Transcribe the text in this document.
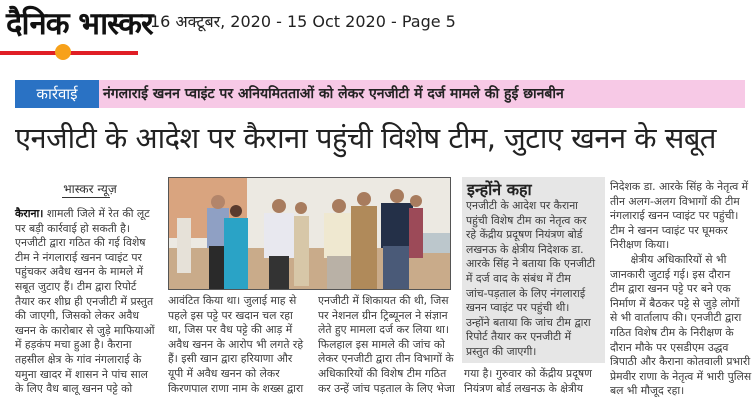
दैनिक भास्कर
16 अक्टूबर, 2020 - 15 Oct 2020 - Page 5
कार्रवाई	नंगलाराई खनन प्वाइंट पर अनियमितताओं को लेकर एनजीटी में दर्ज मामले की हुई छानबीन
एनजीटी के आदेश पर कैराना पहुंची विशेष टीम, जुटाए खनन के सबूत
भास्कर न्यूज़
कैराना। शामली जिले में रेत की लूट
पर बड़ी कार्रवाई हो सकती है।
एनजीटी द्वारा गठित की गई विशेष
टीम ने नंगलाराई खनन प्वाइंट पर
पहुंचकर अवैध खनन के मामले में
सबूत जुटाए हैं। टीम द्वारा रिपोर्ट
तैयार कर शीघ्र ही एनजीटी में प्रस्तुत
की जाएगी, जिसको लेकर अवैध
खनन के कारोबार से जुड़े माफियाओं
में हड़कंप मचा हुआ है। कैराना
तहसील क्षेत्र के गांव नंगलाराई के
यमुना खादर में शासन ने पांच साल
के लिए वैध बालू खनन पट्टे को
आवंटित किया था। जुलाई माह से
पहले इस पट्टे पर खदान चल रहा
था, जिस पर वैध पट्टे की आड़ में
अवैध खनन के आरोप भी लगते रहे
हैं। इसी खान द्वारा हरियाणा और
यूपी में अवैध खनन को लेकर
किरणपाल राणा नाम के शख्स द्वारा
एनजीटी में शिकायत की थी, जिस
पर नेशनल ग्रीन ट्रिब्यूनल ने संज्ञान
लेते हुए मामला दर्ज कर लिया था।
फिलहाल इस मामले की जांच को
लेकर एनजीटी द्वारा तीन विभागों के
अधिकारियों की विशेष टीम गठित
कर उन्हें जांच पड़ताल के लिए भेजा
इन्होंने कहा
एनजीटी के आदेश पर कैराना
पहुंची विशेष टीम का नेतृत्व कर
रहे केंद्रीय प्रदूषण नियंत्रण बोर्ड
लखनऊ के क्षेत्रीय निदेशक डा.
आरके सिंह ने बताया कि एनजीटी
में दर्ज वाद के संबंध में टीम
जांच-पड़ताल के लिए नंगलाराई
खनन प्वाइंट पर पहुंची थी।
उन्होंने बताया कि जांच टीम द्वारा
रिपोर्ट तैयार कर एनजीटी में
प्रस्तुत की जाएगी।
गया है। गुरुवार को केंद्रीय प्रदूषण
नियंत्रण बोर्ड लखनऊ के क्षेत्रीय
निदेशक डा. आरके सिंह के नेतृत्व में
तीन अलग-अलग विभागों की टीम
नंगलाराई खनन प्वाइंट पर पहुंची।
टीम ने खनन प्वाइंट पर घूमकर
निरीक्षण किया।
क्षेत्रीय अधिकारियों से भी
जानकारी जुटाई गई। इस दौरान
टीम द्वारा खनन पट्टे पर बने एक
निर्माण में बैठकर पट्टे से जुड़े लोगों
से भी वार्तालाप की। एनजीटी द्वारा
गठित विशेष टीम के निरीक्षण के
दौरान मौके पर एसडीएम उद्धव
त्रिपाठी और कैराना कोतवाली प्रभारी
प्रेमवीर राणा के नेतृत्व में भारी पुलिस
बल भी मौजूद रहा।
